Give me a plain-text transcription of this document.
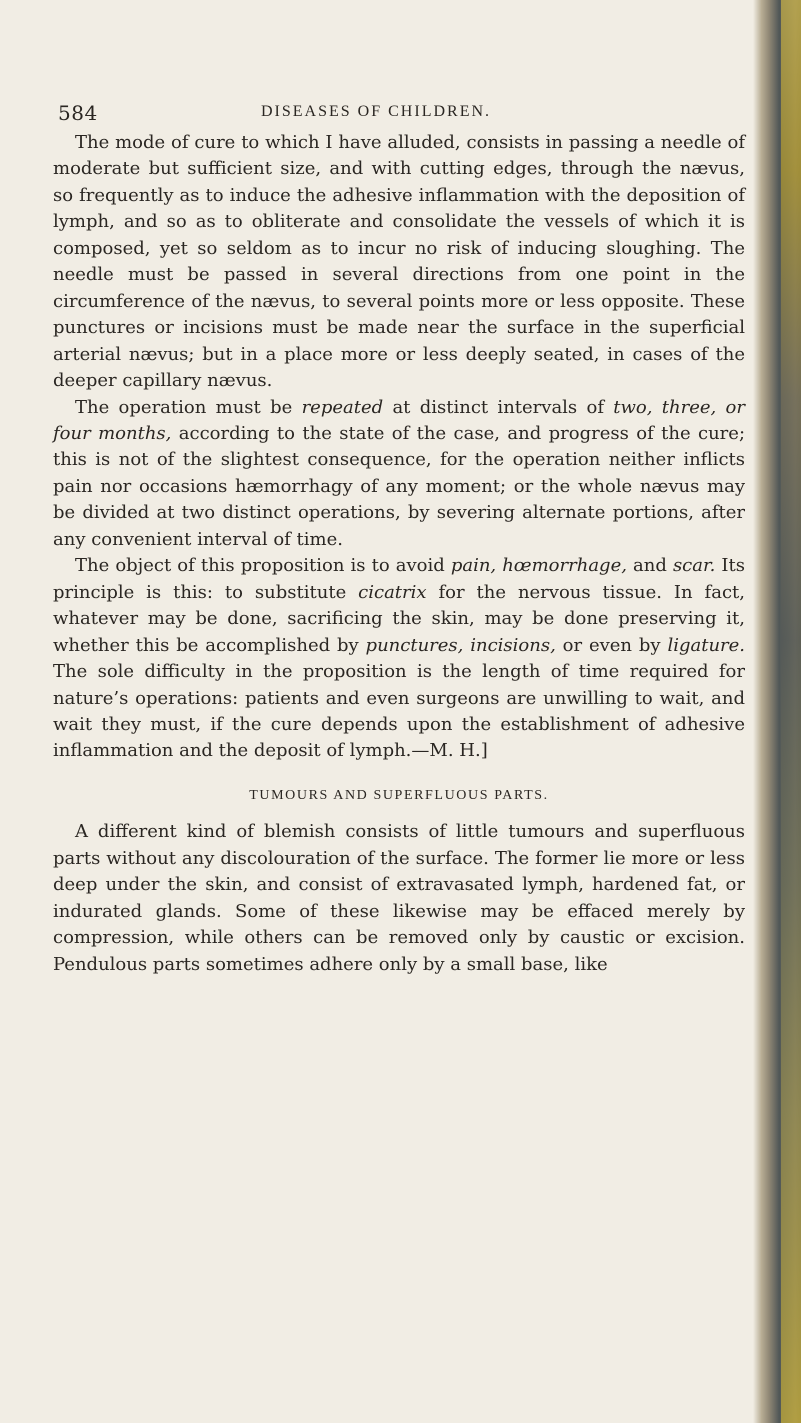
584	DISEASES OF CHILDREN.

The mode of cure to which I have alluded, consists in passing a needle of moderate but sufficient size, and with cutting edges, through the nævus, so frequently as to induce the adhesive inflammation with the deposition of lymph, and so as to obliterate and consolidate the vessels of which it is composed, yet so seldom as to incur no risk of inducing sloughing. The needle must be passed in several directions from one point in the circumference of the nævus, to several points more or less opposite. These punctures or incisions must be made near the surface in the superficial arterial nævus; but in a place more or less deeply seated, in cases of the deeper capillary nævus.

The operation must be repeated at distinct intervals of two, three, or four months, according to the state of the case, and progress of the cure; this is not of the slightest consequence, for the operation neither inflicts pain nor occasions hæmorrhagy of any moment; or the whole nævus may be divided at two distinct operations, by severing alternate portions, after any convenient interval of time.

The object of this proposition is to avoid pain, hœmorrhage, and scar. Its principle is this: to substitute cicatrix for the nervous tissue. In fact, whatever may be done, sacrificing the skin, may be done preserving it, whether this be accomplished by punctures, incisions, or even by ligature. The sole difficulty in the proposition is the length of time required for nature’s operations: patients and even surgeons are unwilling to wait, and wait they must, if the cure depends upon the establishment of adhesive inflammation and the deposit of lymph.—M. H.]

TUMOURS AND SUPERFLUOUS PARTS.

A different kind of blemish consists of little tumours and superfluous parts without any discolouration of the surface. The former lie more or less deep under the skin, and consist of extravasated lymph, hardened fat, or indurated glands. Some of these likewise may be effaced merely by compression, while others can be removed only by caustic or excision. Pendulous parts sometimes adhere only by a small base, like
